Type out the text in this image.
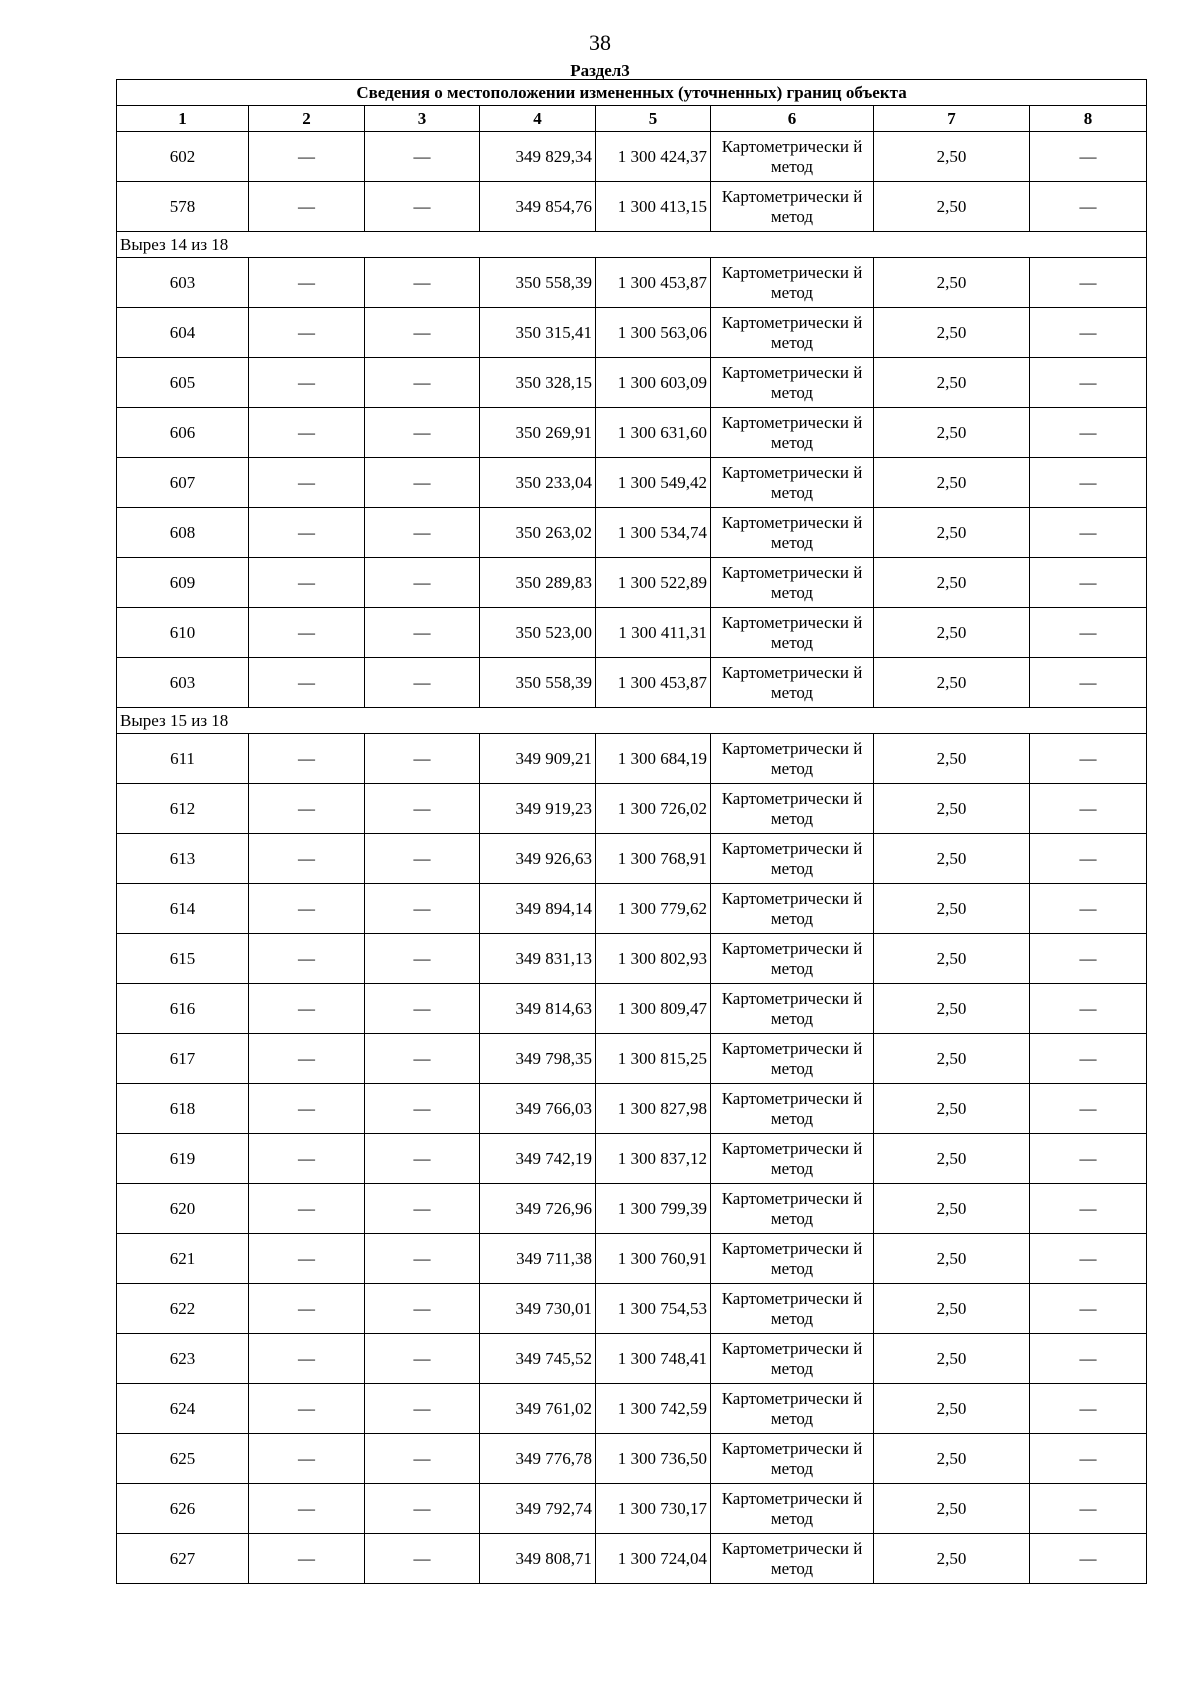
38
Раздел3
Сведения о местоположении измененных (уточненных) границ объекта							
1	2	3	4	5	6	7	8
602	—	—	349 829,34	1 300 424,37	Картометрически й метод	2,50	—
578	—	—	349 854,76	1 300 413,15	Картометрически й метод	2,50	—
Вырез 14 из 18							
603	—	—	350 558,39	1 300 453,87	Картометрически й метод	2,50	—
604	—	—	350 315,41	1 300 563,06	Картометрически й метод	2,50	—
605	—	—	350 328,15	1 300 603,09	Картометрически й метод	2,50	—
606	—	—	350 269,91	1 300 631,60	Картометрически й метод	2,50	—
607	—	—	350 233,04	1 300 549,42	Картометрически й метод	2,50	—
608	—	—	350 263,02	1 300 534,74	Картометрически й метод	2,50	—
609	—	—	350 289,83	1 300 522,89	Картометрически й метод	2,50	—
610	—	—	350 523,00	1 300 411,31	Картометрически й метод	2,50	—
603	—	—	350 558,39	1 300 453,87	Картометрически й метод	2,50	—
Вырез 15 из 18							
611	—	—	349 909,21	1 300 684,19	Картометрически й метод	2,50	—
612	—	—	349 919,23	1 300 726,02	Картометрически й метод	2,50	—
613	—	—	349 926,63	1 300 768,91	Картометрически й метод	2,50	—
614	—	—	349 894,14	1 300 779,62	Картометрически й метод	2,50	—
615	—	—	349 831,13	1 300 802,93	Картометрически й метод	2,50	—
616	—	—	349 814,63	1 300 809,47	Картометрически й метод	2,50	—
617	—	—	349 798,35	1 300 815,25	Картометрически й метод	2,50	—
618	—	—	349 766,03	1 300 827,98	Картометрически й метод	2,50	—
619	—	—	349 742,19	1 300 837,12	Картометрически й метод	2,50	—
620	—	—	349 726,96	1 300 799,39	Картометрически й метод	2,50	—
621	—	—	349 711,38	1 300 760,91	Картометрически й метод	2,50	—
622	—	—	349 730,01	1 300 754,53	Картометрически й метод	2,50	—
623	—	—	349 745,52	1 300 748,41	Картометрически й метод	2,50	—
624	—	—	349 761,02	1 300 742,59	Картометрически й метод	2,50	—
625	—	—	349 776,78	1 300 736,50	Картометрически й метод	2,50	—
626	—	—	349 792,74	1 300 730,17	Картометрически й метод	2,50	—
627	—	—	349 808,71	1 300 724,04	Картометрически й метод	2,50	—
